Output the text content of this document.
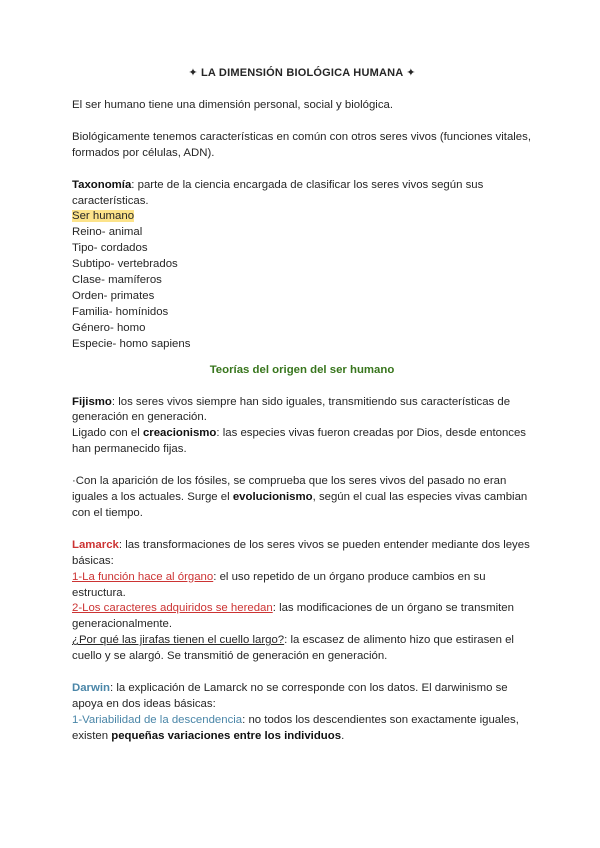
✦ LA DIMENSIÓN BIOLÓGICA HUMANA ✦

El ser humano tiene una dimensión personal, social y biológica.

Biológicamente tenemos características en común con otros seres vivos (funciones vitales, formados por células, ADN).

Taxonomía: parte de la ciencia encargada de clasificar los seres vivos según sus características.

Ser humano

Reino- animal

Tipo- cordados

Subtipo- vertebrados

Clase- mamíferos

Orden- primates

Familia- homínidos

Género- homo

Especie- homo sapiens

Teorías del origen del ser humano

Fijismo: los seres vivos siempre han sido iguales, transmitiendo sus características de generación en generación.

Ligado con el creacionismo: las especies vivas fueron creadas por Dios, desde entonces han permanecido fijas.

·Con la aparición de los fósiles, se comprueba que los seres vivos del pasado no eran iguales a los actuales. Surge el evolucionismo, según el cual las especies vivas cambian con el tiempo.

Lamarck: las transformaciones de los seres vivos se pueden entender mediante dos leyes básicas:

1-La función hace al órgano: el uso repetido de un órgano produce cambios en su estructura.

2-Los caracteres adquiridos se heredan: las modificaciones de un órgano se transmiten generacionalmente.

¿Por qué las jirafas tienen el cuello largo?: la escasez de alimento hizo que estirasen el cuello y se alargó. Se transmitió de generación en generación.

Darwin: la explicación de Lamarck no se corresponde con los datos. El darwinismo se apoya en dos ideas básicas:

1-Variabilidad de la descendencia: no todos los descendientes son exactamente iguales, existen pequeñas variaciones entre los individuos.
